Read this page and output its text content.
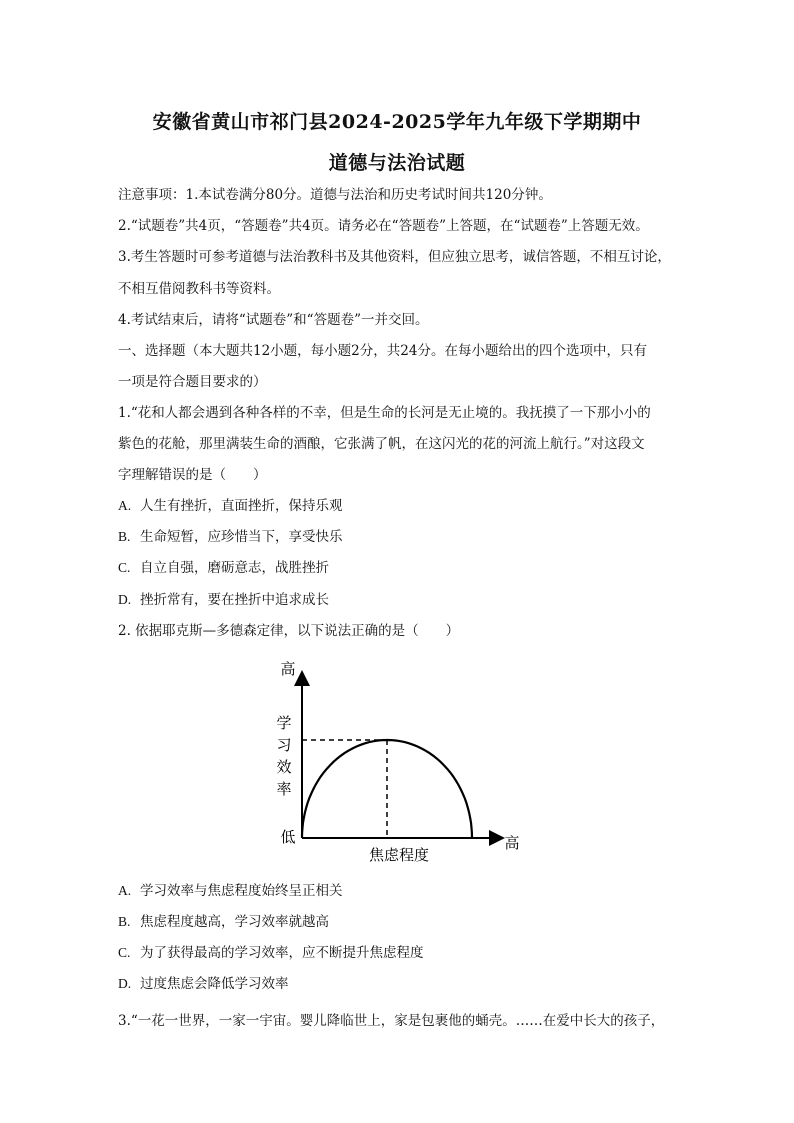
安徽省黄山市祁门县2024-2025学年九年级下学期期中
道德与法治试题
注意事项：1.本试卷满分80分。道德与法治和历史考试时间共120分钟。
2.“试题卷”共4页，“答题卷”共4页。请务必在“答题卷”上答题，在“试题卷”上答题无效。
3.考生答题时可参考道德与法治教科书及其他资料，但应独立思考，诚信答题，不相互讨论，
不相互借阅教科书等资料。
4.考试结束后，请将“试题卷”和“答题卷”一并交回。
一、选择题（本大题共12小题，每小题2分，共24分。在每小题给出的四个选项中，只有
一项是符合题目要求的）
1.“花和人都会遇到各种各样的不幸，但是生命的长河是无止境的。我抚摸了一下那小小的
紫色的花舱，那里满装生命的酒酿，它张满了帆，在这闪光的花的河流上航行。”对这段文
字理解错误的是（　　）
A. 人生有挫折，直面挫折，保持乐观
B. 生命短暂，应珍惜当下，享受快乐
C. 自立自强，磨砺意志，战胜挫折
D. 挫折常有，要在挫折中追求成长
2. 依据耶克斯—多德森定律，以下说法正确的是（　　）
高
学习效率
低
焦虑程度
高
A. 学习效率与焦虑程度始终呈正相关
B. 焦虑程度越高，学习效率就越高
C. 为了获得最高的学习效率，应不断提升焦虑程度
D. 过度焦虑会降低学习效率
3.“一花一世界，一家一宇宙。婴儿降临世上，家是包裹他的蛹壳。……在爱中长大的孩子，
